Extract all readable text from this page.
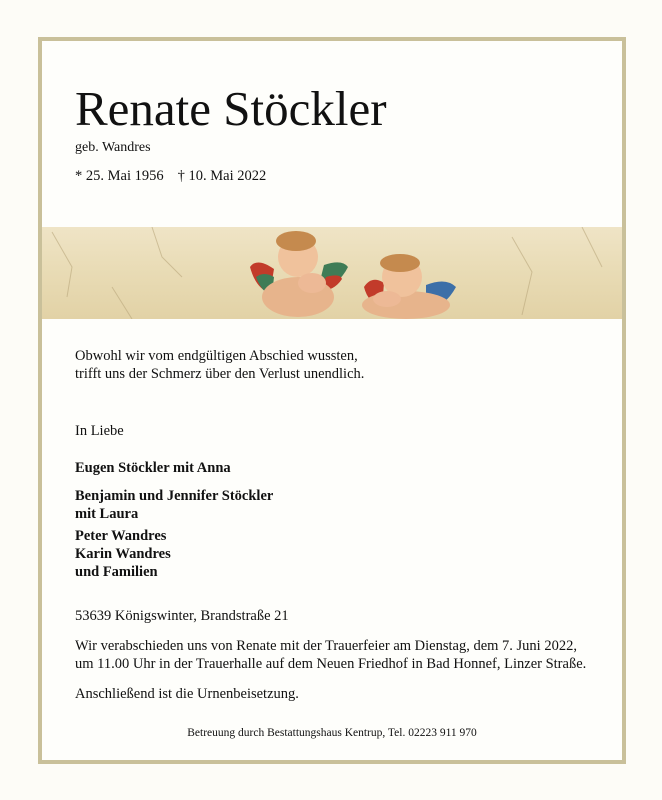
Renate Stöckler
geb. Wandres
* 25. Mai 1956 † 10. Mai 2022
Obwohl wir vom endgültigen Abschied wussten,
trifft uns der Schmerz über den Verlust unendlich.
In Liebe
Eugen Stöckler mit Anna
Benjamin und Jennifer Stöckler
mit Laura
Peter Wandres
Karin Wandres
und Familien
53639 Königswinter, Brandstraße 21
Wir verabschieden uns von Renate mit der Trauerfeier am Dienstag, dem 7. Juni 2022,
um 11.00 Uhr in der Trauerhalle auf dem Neuen Friedhof in Bad Honnef, Linzer Straße.
Anschließend ist die Urnenbeisetzung.
Betreuung durch Bestattungshaus Kentrup, Tel. 02223 911 970
